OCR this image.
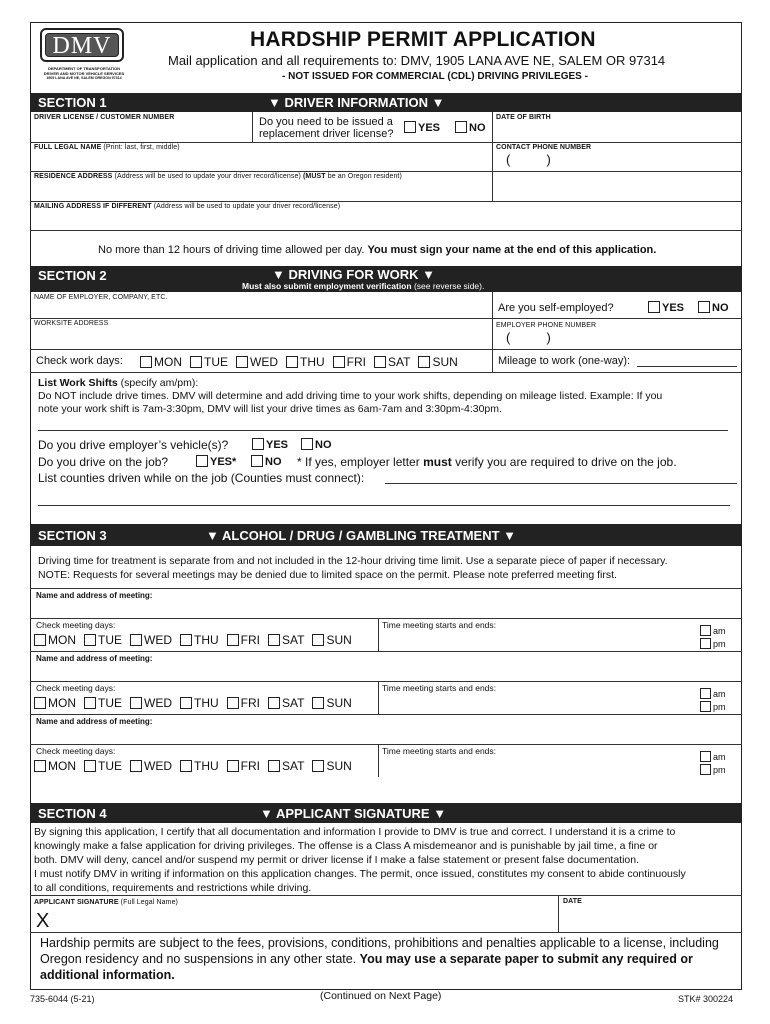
DMV
DEPARTMENT OF TRANSPORTATION
DRIVER AND MOTOR VEHICLE SERVICES
1905 LANA AVE NE, SALEM OREGON 97314
HARDSHIP PERMIT APPLICATION
Mail application and all requirements to: DMV, 1905 LANA AVE NE, SALEM OR 97314
- NOT ISSUED FOR COMMERCIAL (CDL) DRIVING PRIVILEGES -
SECTION 1	▼ DRIVER INFORMATION ▼
DRIVER LICENSE / CUSTOMER NUMBER	Do you need to be issued a
replacement driver license?	YES	NO
DATE OF BIRTH
FULL LEGAL NAME (Print: last, first, middle)	CONTACT PHONE NUMBER
(          )
RESIDENCE ADDRESS (Address will be used to update your driver record/license) (MUST be an Oregon resident)
MAILING ADDRESS IF DIFFERENT (Address will be used to update your driver record/license)
No more than 12 hours of driving time allowed per day. You must sign your name at the end of this application.
SECTION 2	▼ DRIVING FOR WORK ▼
Must also submit employment verification (see reverse side).
NAME OF EMPLOYER, COMPANY, ETC.
Are you self-employed?	YES	NO
WORKSITE ADDRESS	EMPLOYER PHONE NUMBER
(          )
Check work days:	MON TUE WED THU FRI SAT SUN	Mileage to work (one-way):
List Work Shifts (specify am/pm):
Do NOT include drive times. DMV will determine and add driving time to your work shifts, depending on mileage listed. Example: If you
note your work shift is 7am-3:30pm, DMV will list your drive times as 6am-7am and 3:30pm-4:30pm.
Do you drive employer’s vehicle(s)?	YES	NO
Do you drive on the job?	YES*	NO * If yes, employer letter must verify you are required to drive on the job.
List counties driven while on the job (Counties must connect):
SECTION 3	▼ ALCOHOL / DRUG / GAMBLING TREATMENT ▼
Driving time for treatment is separate from and not included in the 12-hour driving time limit. Use a separate piece of paper if necessary.
NOTE: Requests for several meetings may be denied due to limited space on the permit. Please note preferred meeting first.
Name and address of meeting:
Check meeting days:	Time meeting starts and ends:
MON TUE WED THU FRI SAT SUN
am
pm
Name and address of meeting:
Check meeting days:	Time meeting starts and ends:
MON TUE WED THU FRI SAT SUN
am
pm
Name and address of meeting:
Check meeting days:	Time meeting starts and ends:
MON TUE WED THU FRI SAT SUN
am
pm
SECTION 4	▼ APPLICANT SIGNATURE ▼
By signing this application, I certify that all documentation and information I provide to DMV is true and correct. I understand it is a crime to
knowingly make a false application for driving privileges. The offense is a Class A misdemeanor and is punishable by jail time, a fine or
both. DMV will deny, cancel and/or suspend my permit or driver license if I make a false statement or present false documentation.
I must notify DMV in writing if information on this application changes. The permit, once issued, constitutes my consent to abide continuously
to all conditions, requirements and restrictions while driving.
APPLICANT SIGNATURE (Full Legal Name)	DATE
X
Hardship permits are subject to the fees, provisions, conditions, prohibitions and penalties applicable to a license, including
Oregon residency and no suspensions in any other state. You may use a separate paper to submit any required or
additional information.
735-6044 (5-21)	(Continued on Next Page)	STK# 300224
